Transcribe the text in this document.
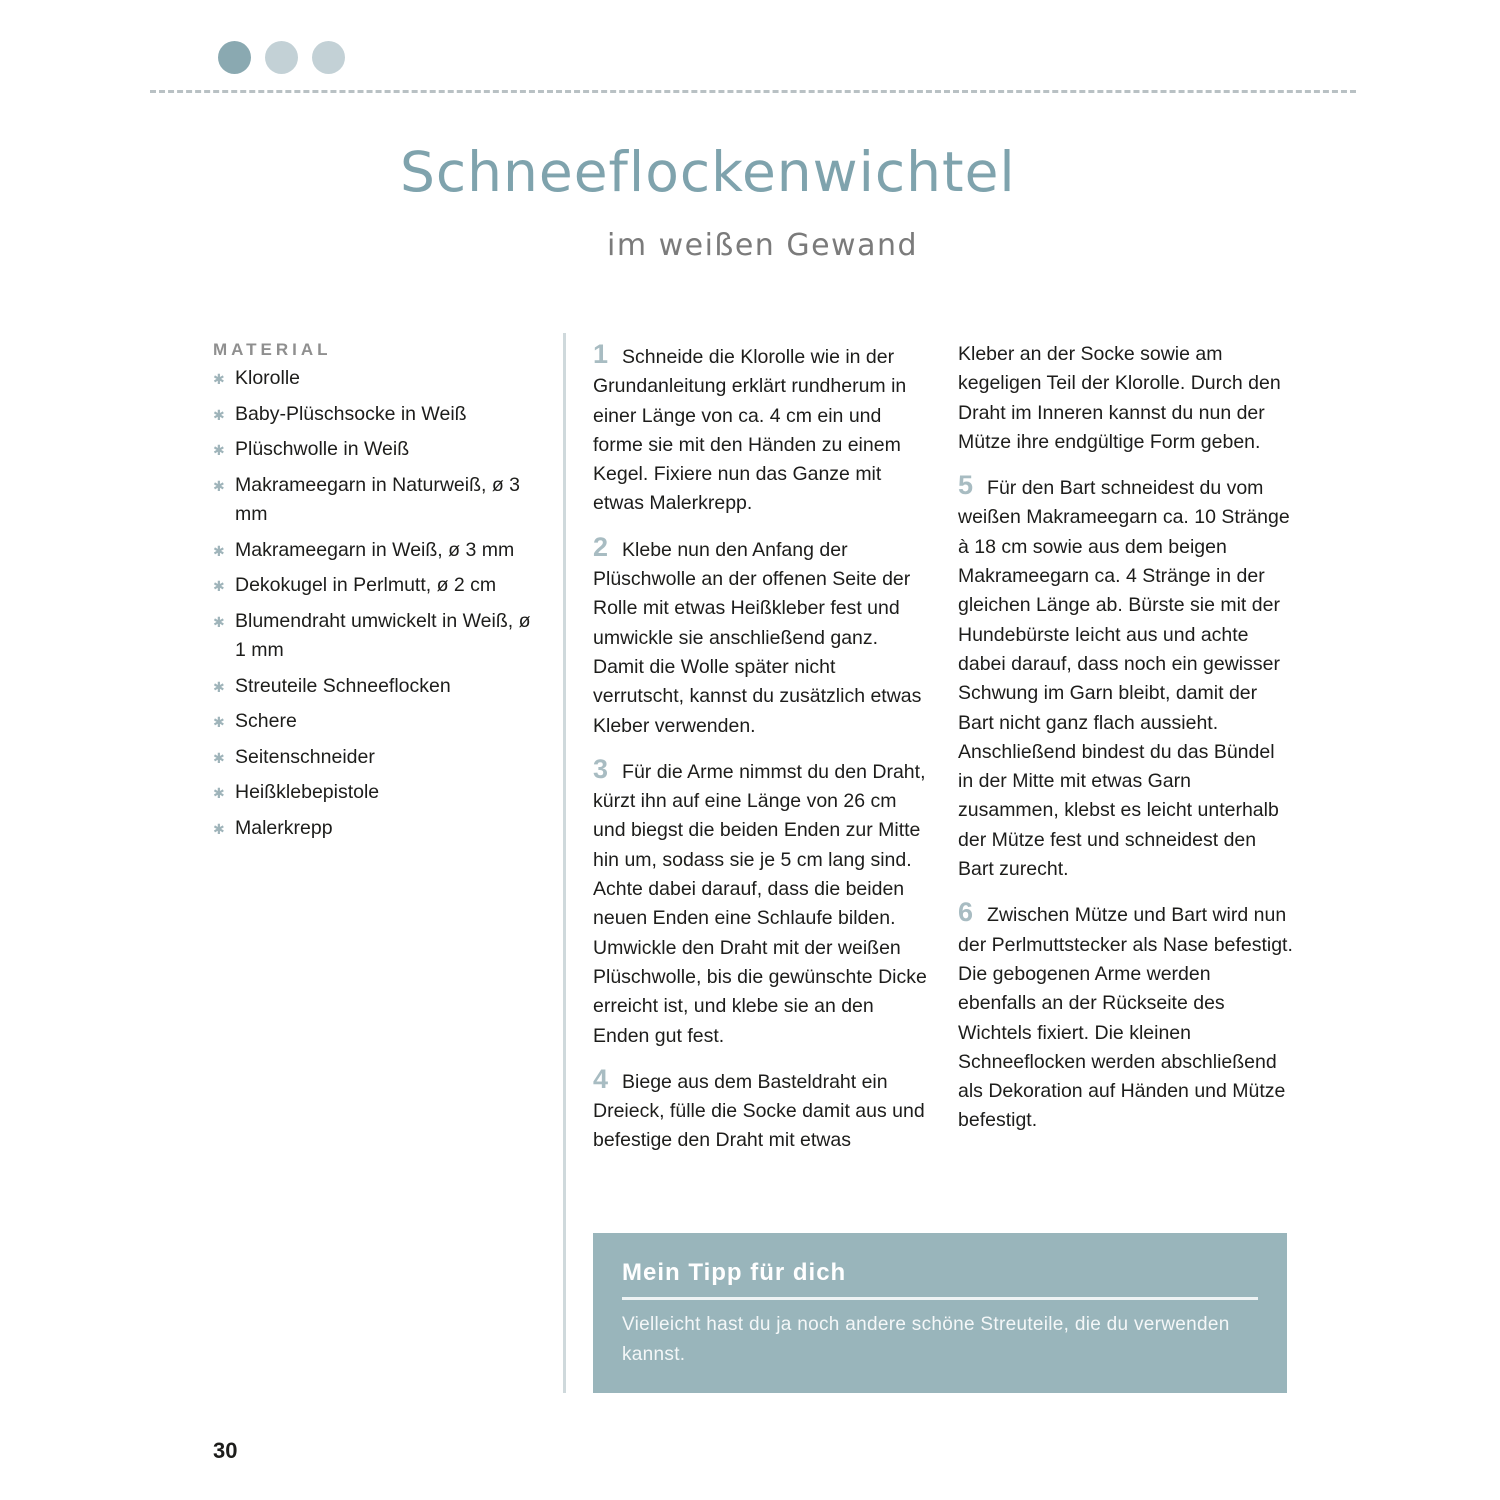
Schneeflockenwichtel
im weißen Gewand
MATERIAL
✱ Klorolle
✱ Baby-Plüschsocke in Weiß
✱ Plüschwolle in Weiß
✱ Makrameegarn in Naturweiß, ø 3 mm
✱ Makrameegarn in Weiß, ø 3 mm
✱ Dekokugel in Perlmutt, ø 2 cm
✱ Blumendraht umwickelt in Weiß, ø 1 mm
✱ Streuteile Schneeflocken
✱ Schere
✱ Seitenschneider
✱ Heißklebepistole
✱ Malerkrepp

1 Schneide die Klorolle wie in der Grundanleitung erklärt rundherum in einer Länge von ca. 4 cm ein und forme sie mit den Händen zu einem Kegel. Fixiere nun das Ganze mit etwas Malerkrepp.

2 Klebe nun den Anfang der Plüschwolle an der offenen Seite der Rolle mit etwas Heißkleber fest und umwickle sie anschließend ganz. Damit die Wolle später nicht verrutscht, kannst du zusätzlich etwas Kleber verwenden.

3 Für die Arme nimmst du den Draht, kürzt ihn auf eine Länge von 26 cm und biegst die beiden Enden zur Mitte hin um, sodass sie je 5 cm lang sind. Achte dabei darauf, dass die beiden neuen Enden eine Schlaufe bilden. Umwickle den Draht mit der weißen Plüschwolle, bis die gewünschte Dicke erreicht ist, und klebe sie an den Enden gut fest.

4 Biege aus dem Basteldraht ein Dreieck, fülle die Socke damit aus und befestige den Draht mit etwas

Kleber an der Socke sowie am kegeligen Teil der Klorolle. Durch den Draht im Inneren kannst du nun der Mütze ihre endgültige Form geben.

5 Für den Bart schneidest du vom weißen Makrameegarn ca. 10 Stränge à 18 cm sowie aus dem beigen Makrameegarn ca. 4 Stränge in der gleichen Länge ab. Bürste sie mit der Hundebürste leicht aus und achte dabei darauf, dass noch ein gewisser Schwung im Garn bleibt, damit der Bart nicht ganz flach aussieht. Anschließend bindest du das Bündel in der Mitte mit etwas Garn zusammen, klebst es leicht unterhalb der Mütze fest und schneidest den Bart zurecht.

6 Zwischen Mütze und Bart wird nun der Perlmuttstecker als Nase befestigt. Die gebogenen Arme werden ebenfalls an der Rückseite des Wichtels fixiert. Die kleinen Schneeflocken werden abschließend als Dekoration auf Händen und Mütze befestigt.

Mein Tipp für dich
Vielleicht hast du ja noch andere schöne Streuteile, die du verwenden kannst.
30
